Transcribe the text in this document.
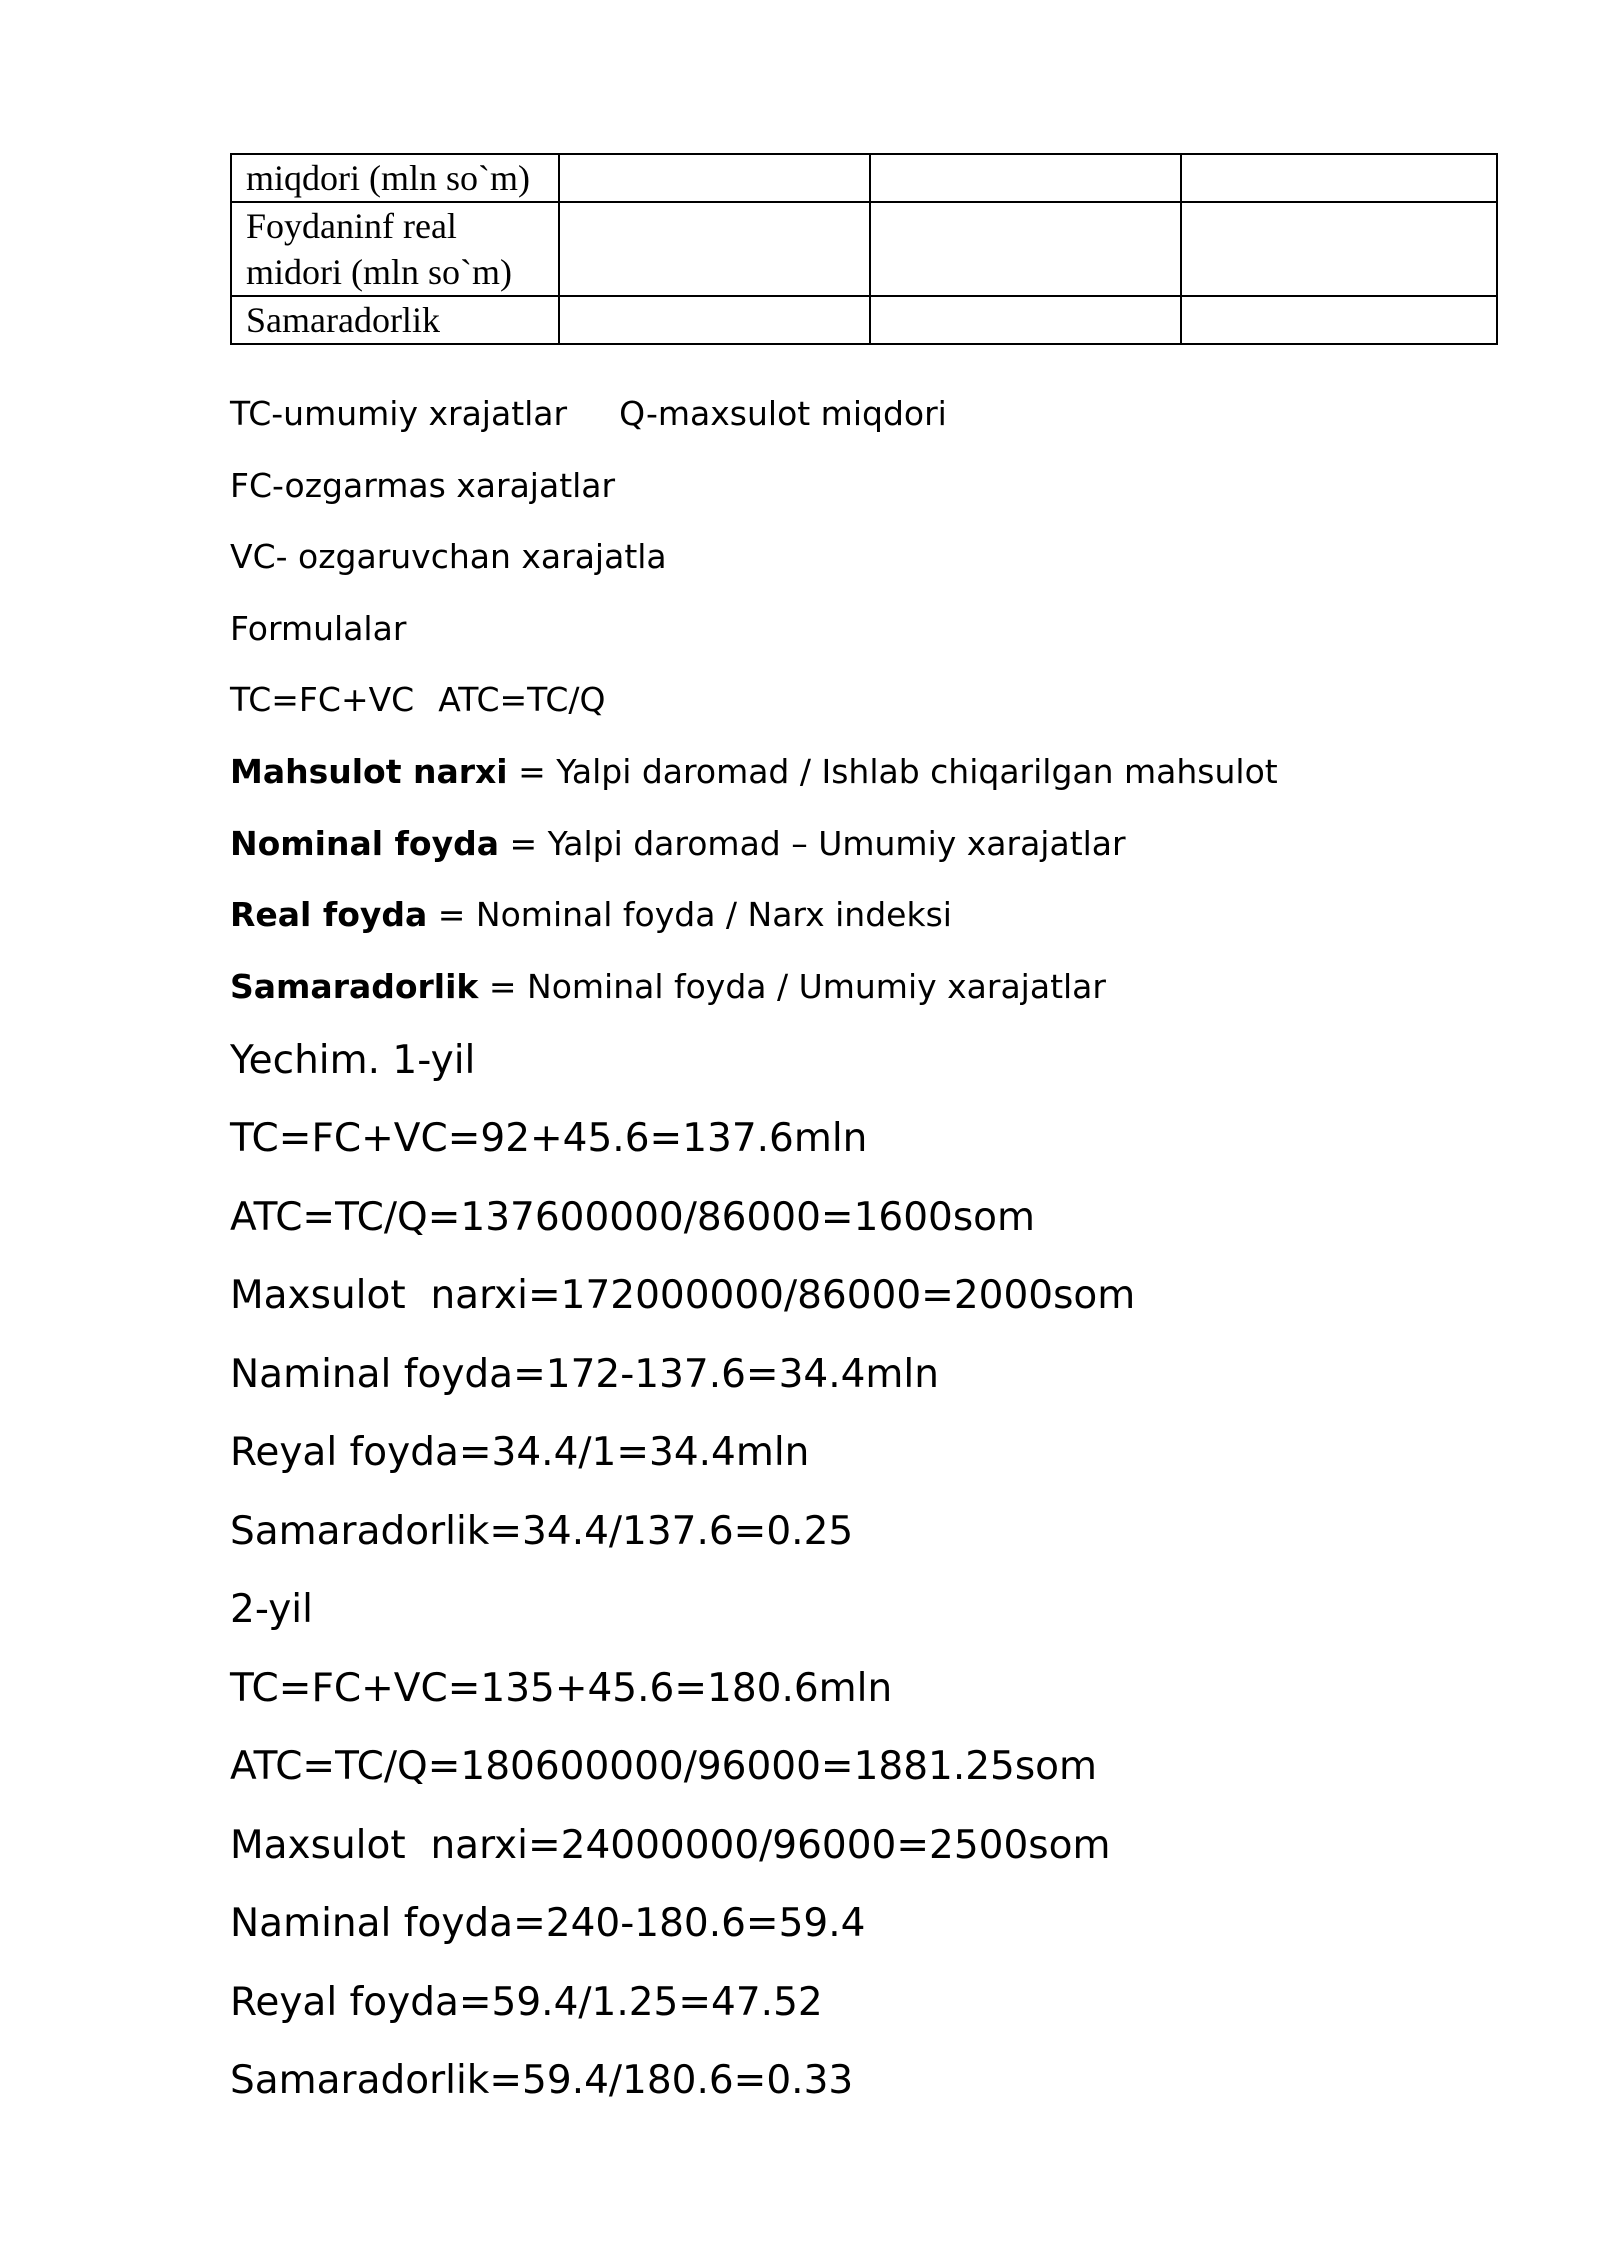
miqdori (mln so`m)			
Foydaninf real midori (mln so`m)			
Samaradorlik			
TC-umumiy xrajatlar Q-maxsulot miqdori
FC-ozgarmas xarajatlar
VC- ozgaruvchan xarajatla
Formulalar
TC=FC+VC ATC=TC/Q
Mahsulot narxi = Yalpi daromad / Ishlab chiqarilgan mahsulot
Nominal foyda = Yalpi daromad – Umumiy xarajatlar
Real foyda = Nominal foyda / Narx indeksi
Samaradorlik = Nominal foyda / Umumiy xarajatlar
Yechim. 1-yil
TC=FC+VC=92+45.6=137.6mln
ATC=TC/Q=137600000/86000=1600som
Maxsulot  narxi=172000000/86000=2000som
Naminal foyda=172-137.6=34.4mln
Reyal foyda=34.4/1=34.4mln
Samaradorlik=34.4/137.6=0.25
2-yil
TC=FC+VC=135+45.6=180.6mln
ATC=TC/Q=180600000/96000=1881.25som
Maxsulot  narxi=24000000/96000=2500som
Naminal foyda=240-180.6=59.4
Reyal foyda=59.4/1.25=47.52
Samaradorlik=59.4/180.6=0.33
